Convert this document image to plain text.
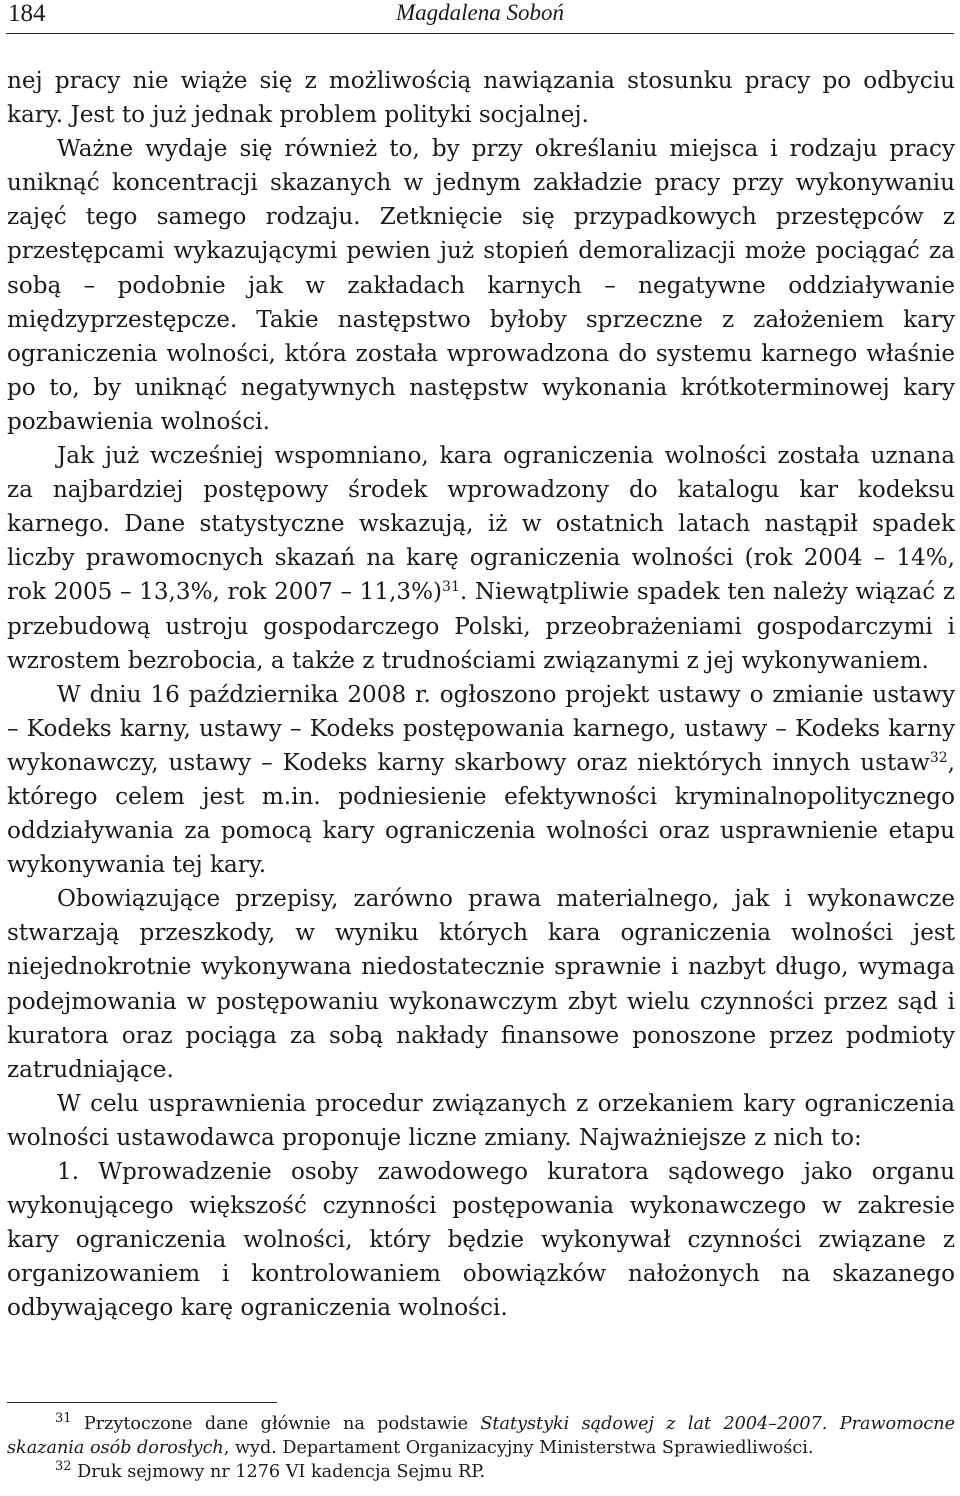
184	Magdalena Soboń

nej pracy nie wiąże się z możliwością nawiązania stosunku pracy po odbyciu kary. Jest to już jednak problem polityki socjalnej.

Ważne wydaje się również to, by przy określaniu miejsca i rodzaju pracy uniknąć koncentracji skazanych w jednym zakładzie pracy przy wykonywaniu zajęć tego samego rodzaju. Zetknięcie się przypadkowych przestępców z przestępcami wykazującymi pewien już stopień demoralizacji może pociągać za sobą – podobnie jak w zakładach karnych – negatywne oddziaływanie międzyprzestępcze. Takie następstwo byłoby sprzeczne z założeniem kary ograniczenia wolności, która została wprowadzona do systemu karnego właśnie po to, by uniknąć negatywnych następstw wykonania krótkoterminowej kary pozbawienia wolności.

Jak już wcześniej wspomniano, kara ograniczenia wolności została uznana za najbardziej postępowy środek wprowadzony do katalogu kar kodeksu karnego. Dane statystyczne wskazują, iż w ostatnich latach nastąpił spadek liczby prawomocnych skazań na karę ograniczenia wolności (rok 2004 – 14%, rok 2005 – 13,3%, rok 2007 – 11,3%)$^{31}$. Niewątpliwie spadek ten należy wiązać z przebudową ustroju gospodarczego Polski, przeobrażeniami gospodarczymi i wzrostem bezrobocia, a także z trudnościami związanymi z jej wykonywaniem.

W dniu 16 października 2008 r. ogłoszono projekt ustawy o zmianie ustawy – Kodeks karny, ustawy – Kodeks postępowania karnego, ustawy – Kodeks karny wykonawczy, ustawy – Kodeks karny skarbowy oraz niektórych innych ustaw$^{32}$, którego celem jest m.in. podniesienie efektywności kryminalnopolitycznego oddziaływania za pomocą kary ograniczenia wolności oraz usprawnienie etapu wykonywania tej kary.

Obowiązujące przepisy, zarówno prawa materialnego, jak i wykonawcze stwarzają przeszkody, w wyniku których kara ograniczenia wolności jest niejednokrotnie wykonywana niedostatecznie sprawnie i nazbyt długo, wymaga podejmowania w postępowaniu wykonawczym zbyt wielu czynności przez sąd i kuratora oraz pociąga za sobą nakłady finansowe ponoszone przez podmioty zatrudniające.

W celu usprawnienia procedur związanych z orzekaniem kary ograniczenia wolności ustawodawca proponuje liczne zmiany. Najważniejsze z nich to:

1. Wprowadzenie osoby zawodowego kuratora sądowego jako organu wykonującego większość czynności postępowania wykonawczego w zakresie kary ograniczenia wolności, który będzie wykonywał czynności związane z organizowaniem i kontrolowaniem obowiązków nałożonych na skazanego odbywającego karę ograniczenia wolności.

$^{31}$ Przytoczone dane głównie na podstawie Statystyki sądowej z lat 2004–2007. Prawomocne skazania osób dorosłych, wyd. Departament Organizacyjny Ministerstwa Sprawiedliwości.

$^{32}$ Druk sejmowy nr 1276 VI kadencja Sejmu RP.
